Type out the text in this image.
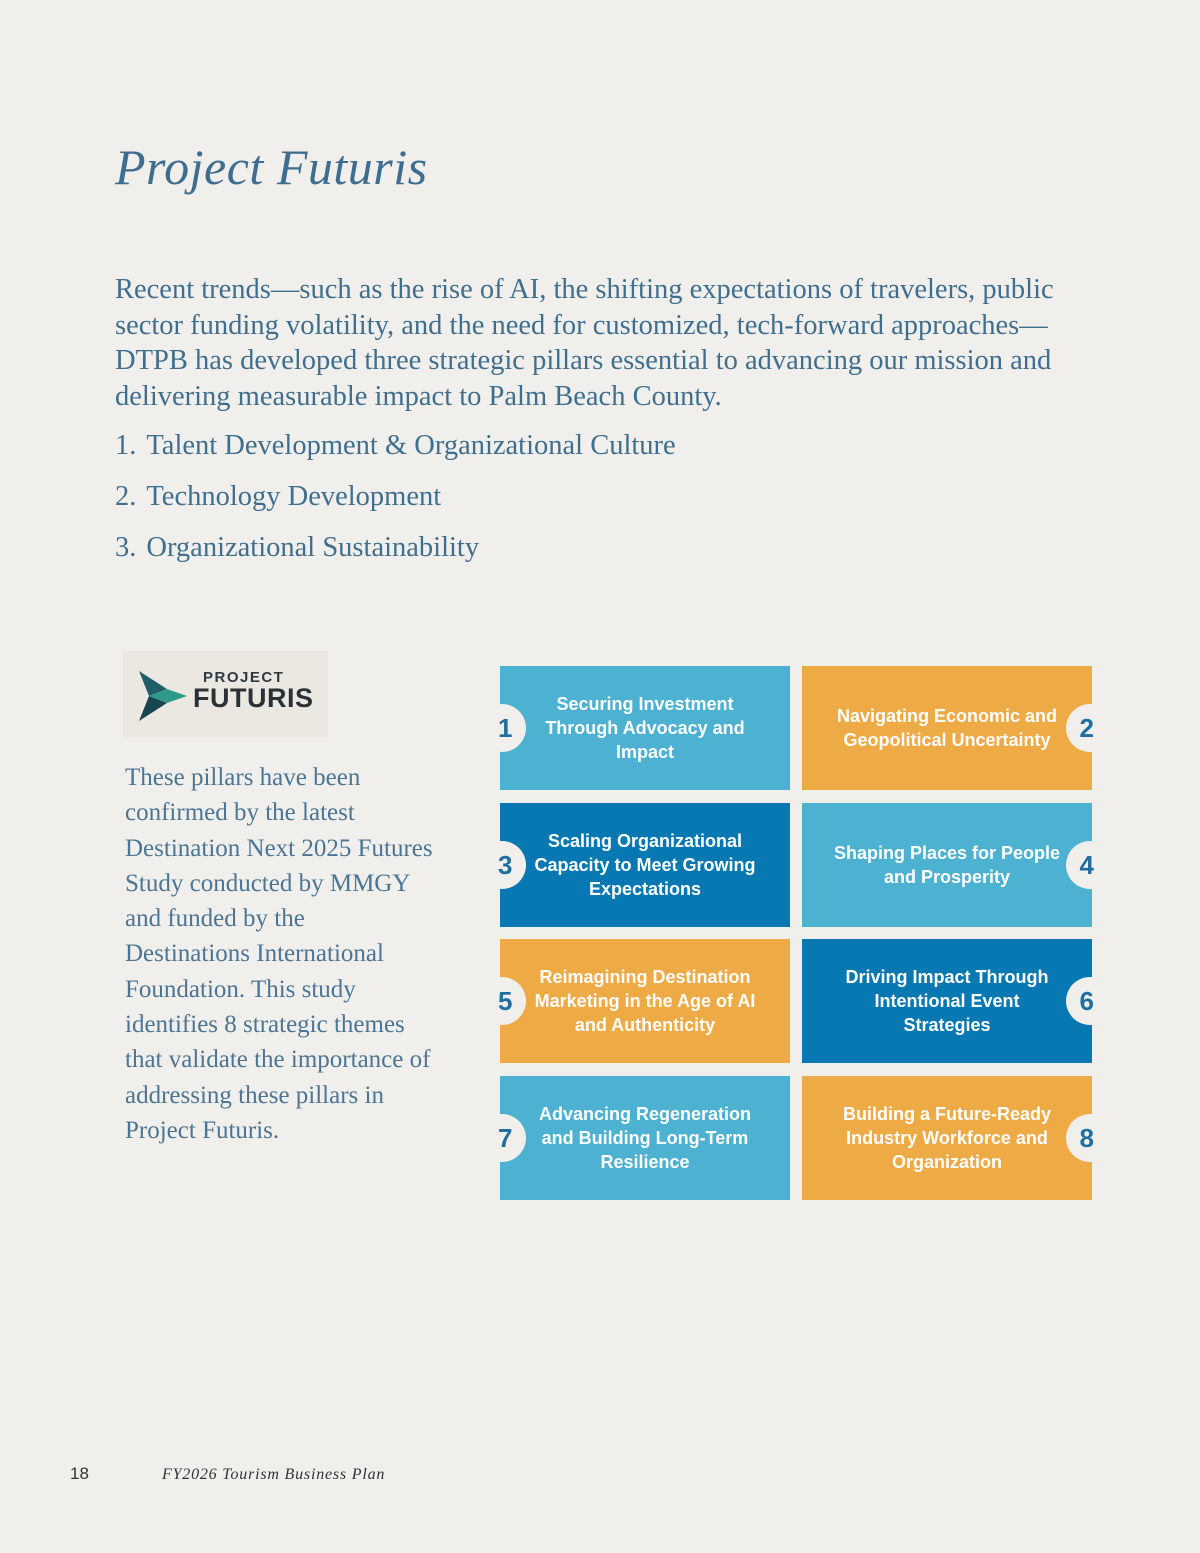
Project Futuris

Recent trends—such as the rise of AI, the shifting expectations of travelers, public sector funding volatility, and the need for customized, tech-forward approaches—DTPB has developed three strategic pillars essential to advancing our mission and delivering measurable impact to Palm Beach County.

1. Talent Development & Organizational Culture
2. Technology Development
3. Organizational Sustainability
PROJECT
FUTURIS

These pillars have been confirmed by the latest Destination Next 2025 Futures Study conducted by MMGY and funded by the Destinations International Foundation. This study identifies 8 strategic themes that validate the importance of addressing these pillars in Project Futuris.

1
Securing Investment Through Advocacy and Impact
2
Navigating Economic and Geopolitical Uncertainty
3
Scaling Organizational Capacity to Meet Growing Expectations
4
Shaping Places for People and Prosperity
5
Reimagining Destination Marketing in the Age of AI and Authenticity
6
Driving Impact Through Intentional Event Strategies
7
Advancing Regeneration and Building Long-Term Resilience
8
Building a Future-Ready Industry Workforce and Organization
18	FY2026 Tourism Business Plan
